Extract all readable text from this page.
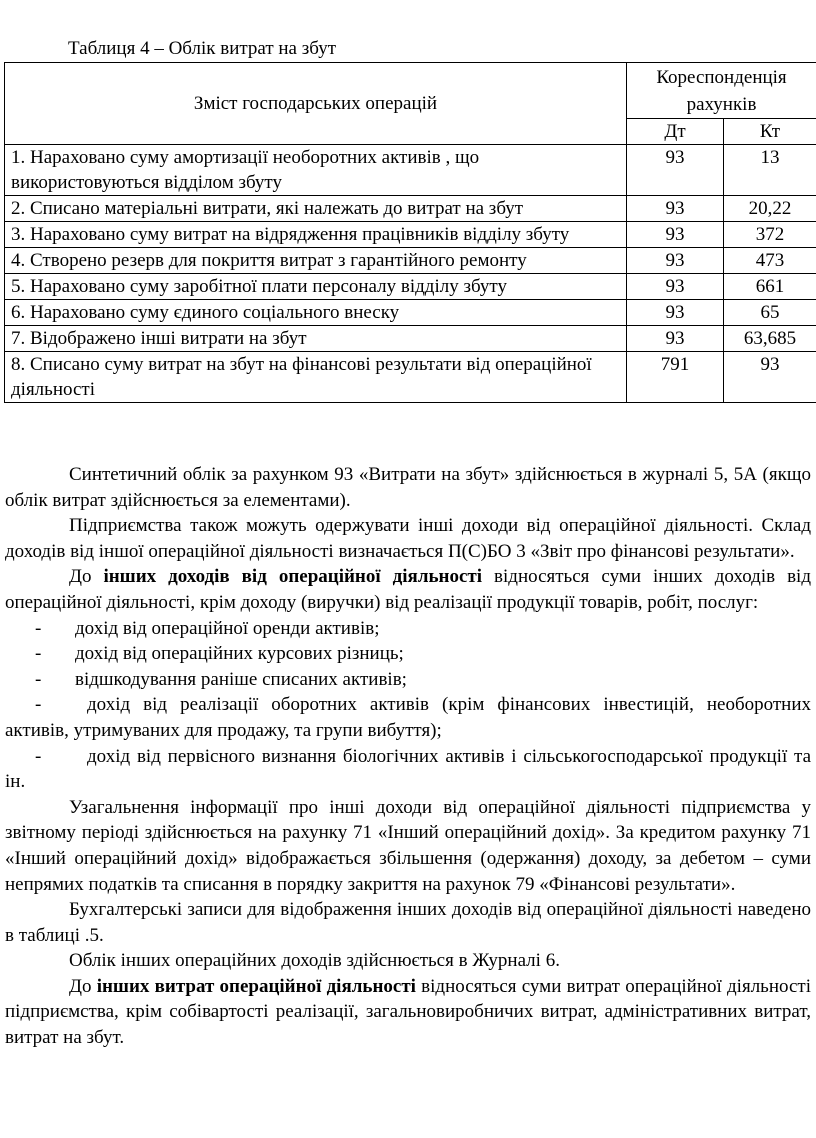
Таблиця 4 – Облік витрат на збут
Зміст господарських операцій	Кореспонденція рахунків	
	Дт	Кт
1. Нараховано суму амортизації необоротних активів , що використовуються відділом збуту	93	13
2. Списано матеріальні витрати, які належать до витрат на збут	93	20,22
3. Нараховано суму витрат на відрядження працівників відділу збуту	93	372
4. Створено резерв для покриття витрат з гарантійного ремонту	93	473
5. Нараховано суму заробітної плати персоналу відділу збуту	93	661
6. Нараховано суму єдиного соціального внеску	93	65
7. Відображено інші витрати на збут	93	63,685
8. Списано суму витрат на збут на фінансові результати від операційної діяльності	791	93

Синтетичний облік за рахунком 93 «Витрати на збут» здійснюється в журналі 5, 5А (якщо облік витрат здійснюється за елементами).

Підприємства також можуть одержувати інші доходи від операційної діяльності. Склад доходів від іншої операційної діяльності визначається П(С)БО 3 «Звіт про фінансові результати».

До інших доходів від операційної діяльності відносяться суми інших доходів від операційної діяльності, крім доходу (виручки) від реалізації продукції товарів, робіт, послуг:

- дохід від операційної оренди активів;

- дохід від операційних курсових різниць;

- відшкодування раніше списаних активів;

- дохід від реалізації оборотних активів (крім фінансових інвестицій, необоротних активів, утримуваних для продажу, та групи вибуття);

- дохід від первісного визнання біологічних активів і сільськогосподарської продукції та ін.

Узагальнення інформації про інші доходи від операційної діяльності підприємства у звітному періоді здійснюється на рахунку 71 «Інший операційний дохід». За кредитом рахунку 71 «Інший операційний дохід» відображається збільшення (одержання) доходу, за дебетом – суми непрямих податків та списання в порядку закриття на рахунок 79 «Фінансові результати».

Бухгалтерські записи для відображення інших доходів від операційної діяльності наведено в таблиці .5.

Облік інших операційних доходів здійснюється в Журналі 6.

До інших витрат операційної діяльності відносяться суми витрат операційної діяльності підприємства, крім собівартості реалізації, загальновиробничих витрат, адміністративних витрат, витрат на збут.
